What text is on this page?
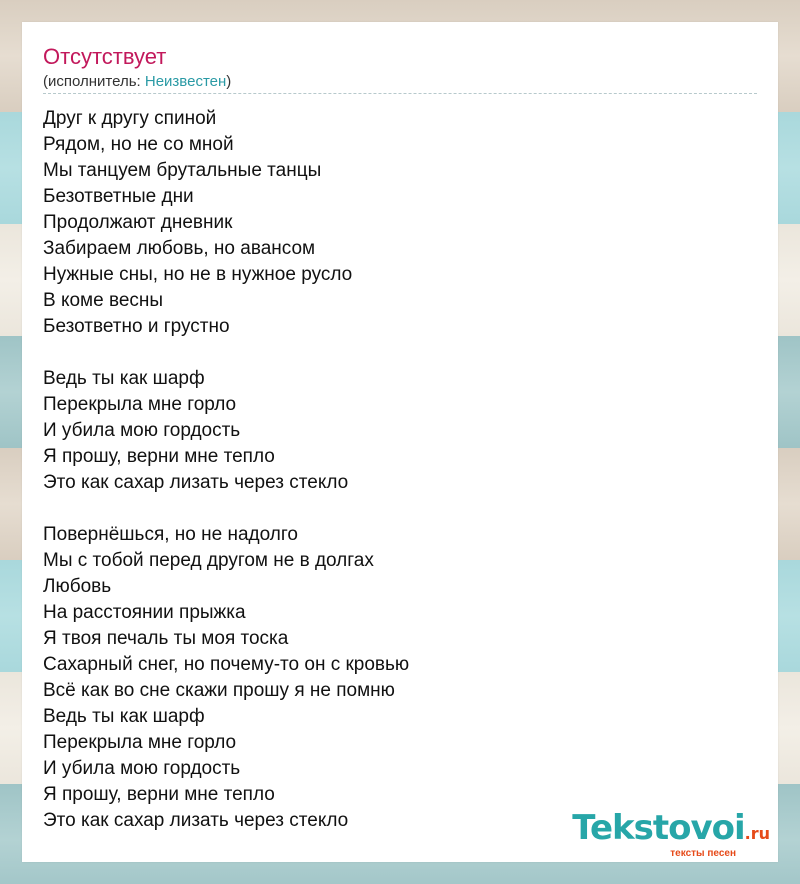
Отсутствует
(исполнитель: Неизвестен)
Друг к другу спиной
Рядом, но не со мной
Мы танцуем брутальные танцы
Безответные дни
Продолжают дневник
Забираем любовь, но авансом
Нужные сны, но не в нужное русло
В коме весны
Безответно и грустно
Ведь ты как шарф
Перекрыла мне горло
И убила мою гордость
Я прошу, верни мне тепло
Это как сахар лизать через стекло
Повернёшься, но не надолго
Мы с тобой перед другом не в долгах
Любовь
На расстоянии прыжка
Я твоя печаль ты моя тоска
Сахарный снег, но почему-то он с кровью
Всё как во сне скажи прошу я не помню
Ведь ты как шарф
Перекрыла мне горло
И убила мою гордость
Я прошу, верни мне тепло
Это как сахар лизать через стекло	Tekstovoi.ru
тексты песен
